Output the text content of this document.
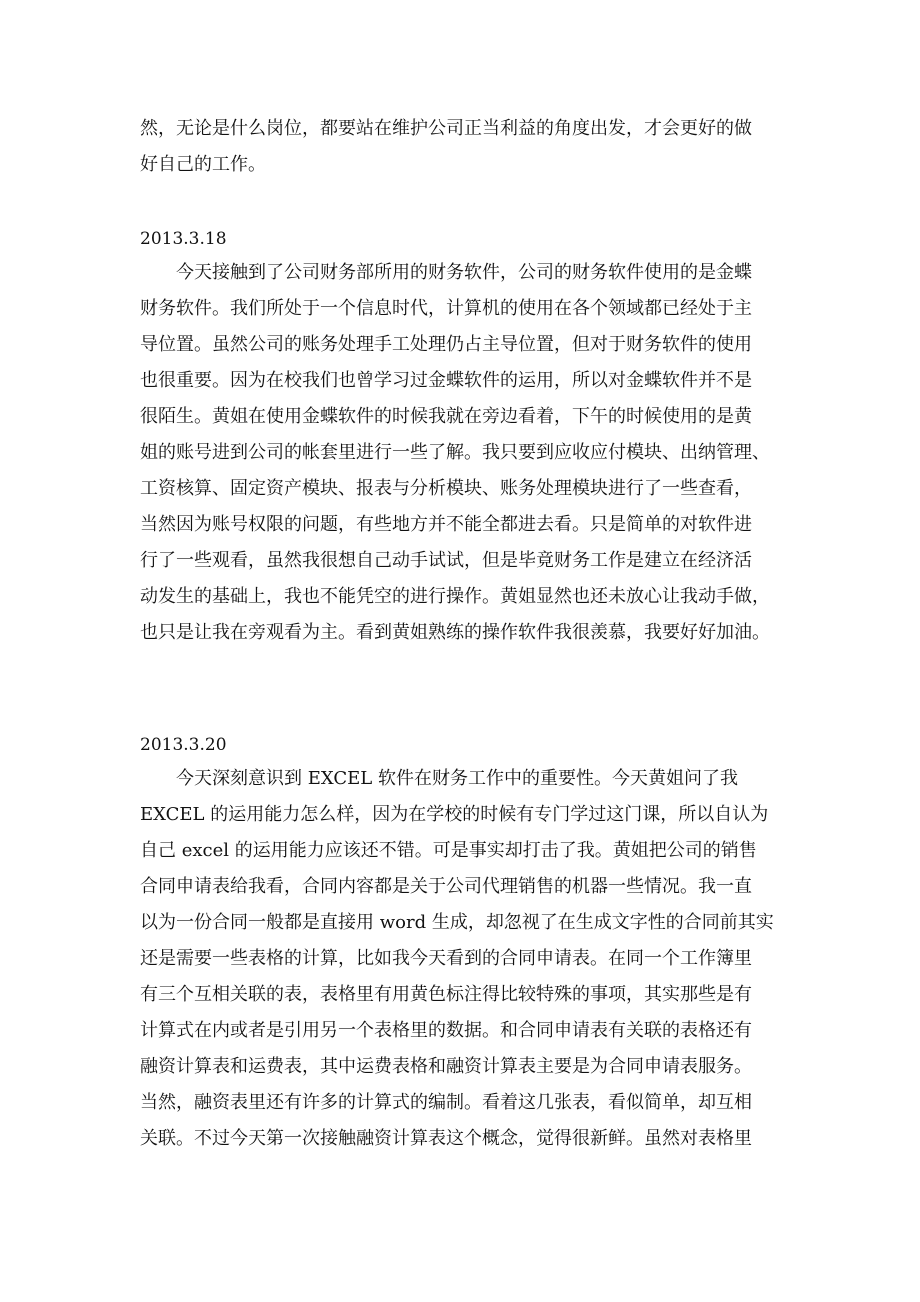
然，无论是什么岗位，都要站在维护公司正当利益的角度出发，才会更好的做
好自己的工作。
2013.3.18
今天接触到了公司财务部所用的财务软件，公司的财务软件使用的是金蝶
财务软件。我们所处于一个信息时代，计算机的使用在各个领域都已经处于主
导位置。虽然公司的账务处理手工处理仍占主导位置，但对于财务软件的使用
也很重要。因为在校我们也曾学习过金蝶软件的运用，所以对金蝶软件并不是
很陌生。黄姐在使用金蝶软件的时候我就在旁边看着，下午的时候使用的是黄
姐的账号进到公司的帐套里进行一些了解。我只要到应收应付模块、出纳管理、
工资核算、固定资产模块、报表与分析模块、账务处理模块进行了一些查看，
当然因为账号权限的问题，有些地方并不能全都进去看。只是简单的对软件进
行了一些观看，虽然我很想自己动手试试，但是毕竟财务工作是建立在经济活
动发生的基础上，我也不能凭空的进行操作。黄姐显然也还未放心让我动手做，
也只是让我在旁观看为主。看到黄姐熟练的操作软件我很羡慕，我要好好加油。
2013.3.20
今天深刻意识到 EXCEL 软件在财务工作中的重要性。今天黄姐问了我
EXCEL 的运用能力怎么样，因为在学校的时候有专门学过这门课，所以自认为
自己 excel 的运用能力应该还不错。可是事实却打击了我。黄姐把公司的销售
合同申请表给我看，合同内容都是关于公司代理销售的机器一些情况。我一直
以为一份合同一般都是直接用 word 生成，却忽视了在生成文字性的合同前其实
还是需要一些表格的计算，比如我今天看到的合同申请表。在同一个工作簿里
有三个互相关联的表，表格里有用黄色标注得比较特殊的事项，其实那些是有
计算式在内或者是引用另一个表格里的数据。和合同申请表有关联的表格还有
融资计算表和运费表，其中运费表格和融资计算表主要是为合同申请表服务。
当然，融资表里还有许多的计算式的编制。看着这几张表，看似简单，却互相
关联。不过今天第一次接触融资计算表这个概念，觉得很新鲜。虽然对表格里
